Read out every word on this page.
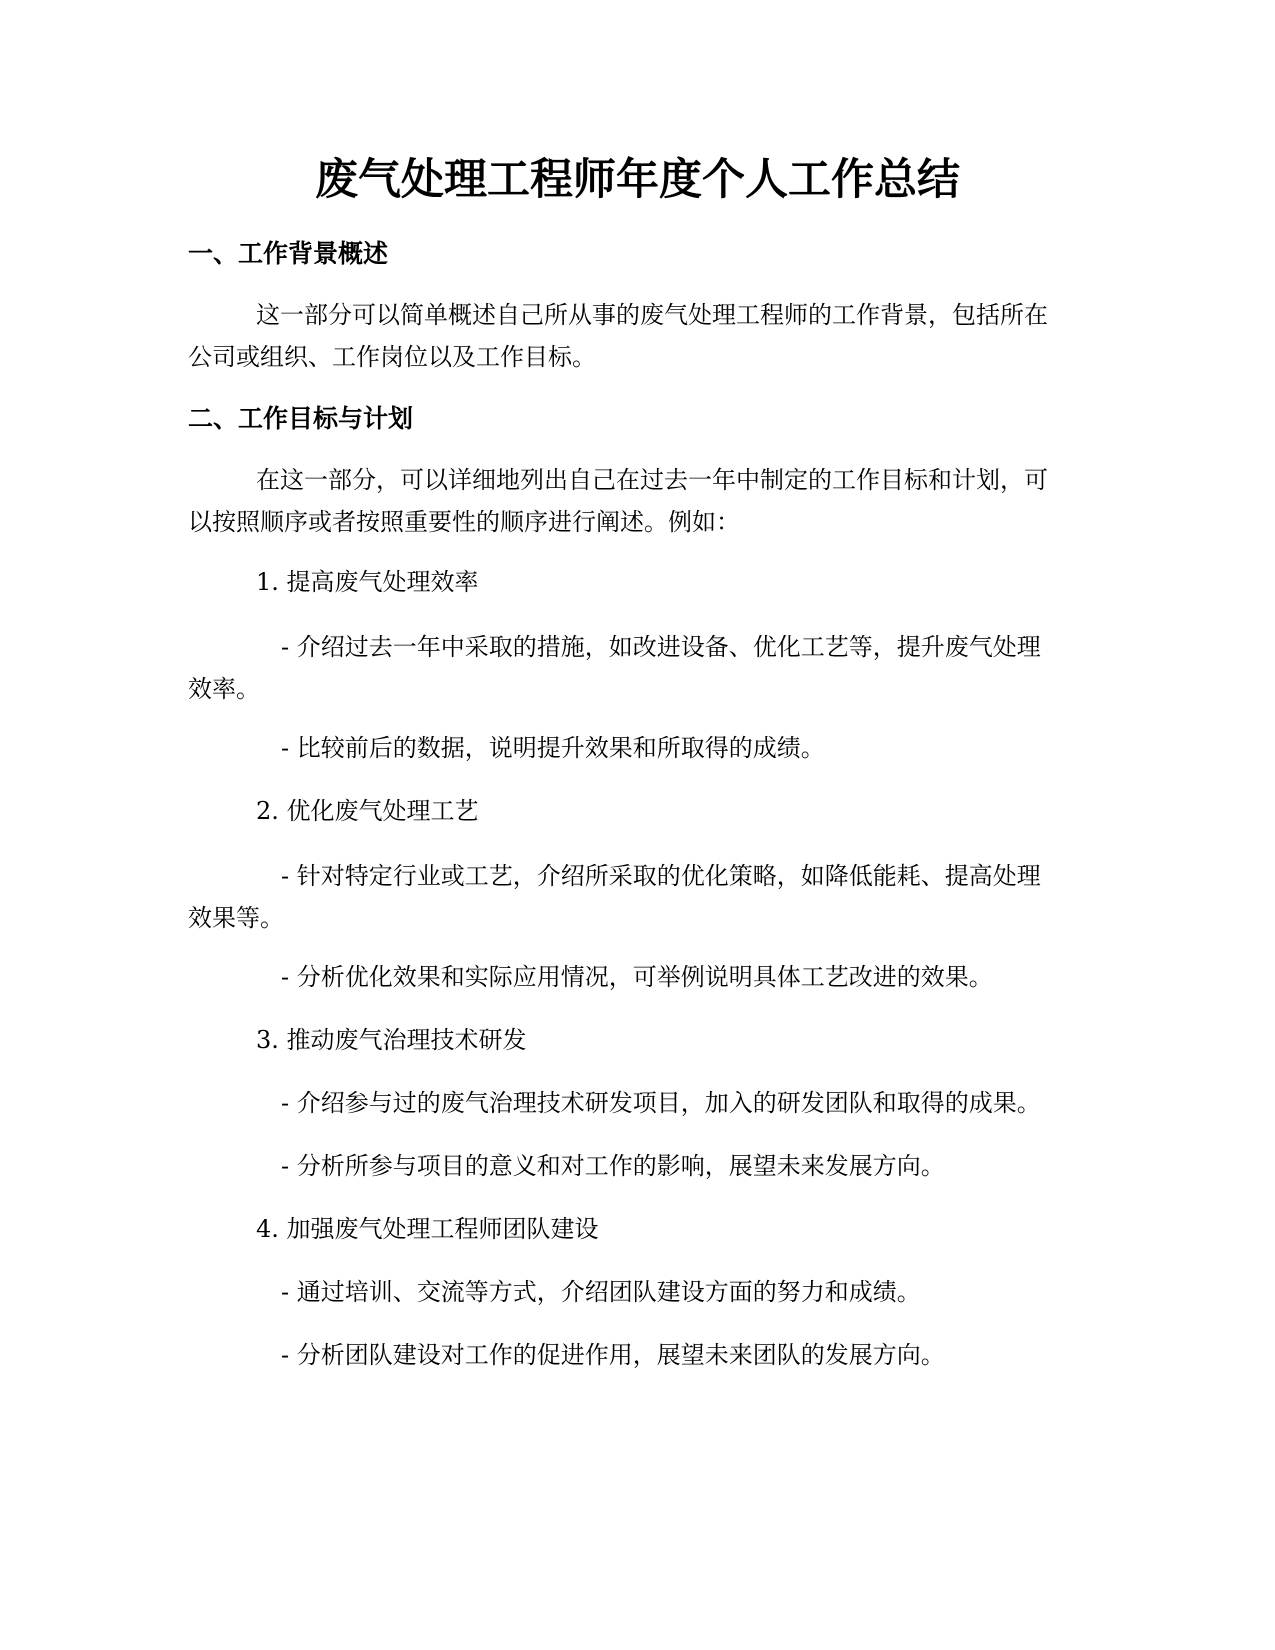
废气处理工程师年度个人工作总结
一、工作背景概述

这一部分可以简单概述自己所从事的废气处理工程师的工作背景，包括所在

公司或组织、工作岗位以及工作目标。

二、工作目标与计划

在这一部分，可以详细地列出自己在过去一年中制定的工作目标和计划，可

以按照顺序或者按照重要性的顺序进行阐述。例如：

1. 提高废气处理效率

- 介绍过去一年中采取的措施，如改进设备、优化工艺等，提升废气处理

效率。

- 比较前后的数据，说明提升效果和所取得的成绩。

2. 优化废气处理工艺

- 针对特定行业或工艺，介绍所采取的优化策略，如降低能耗、提高处理

效果等。

- 分析优化效果和实际应用情况，可举例说明具体工艺改进的效果。

3. 推动废气治理技术研发

- 介绍参与过的废气治理技术研发项目，加入的研发团队和取得的成果。

- 分析所参与项目的意义和对工作的影响，展望未来发展方向。

4. 加强废气处理工程师团队建设

- 通过培训、交流等方式，介绍团队建设方面的努力和成绩。

- 分析团队建设对工作的促进作用，展望未来团队的发展方向。
